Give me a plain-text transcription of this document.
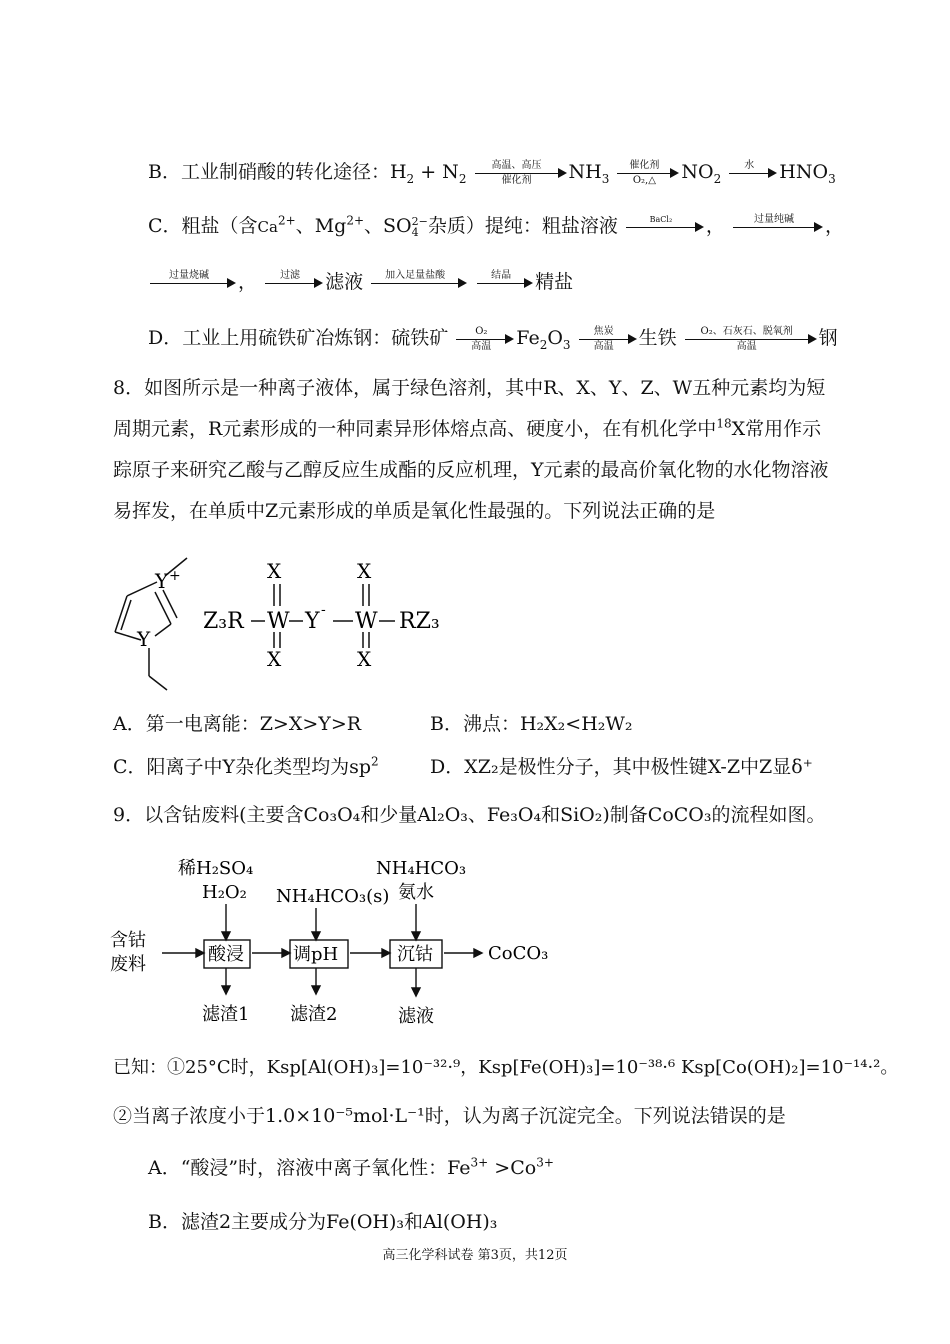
B．工业制硝酸的转化途径：$H_2 + N_2$
高温、高压
催化剂	$NH_3$
催化剂
O₂,△	$NO_2$
水	$HNO_3$
C．粗盐（含$Ca^{2+}$、$Mg^{2+}$、SO 2−
4 杂质）提纯：粗盐溶液	BaCl₂	，	过量纯碱	，
过量烧碱	，	过滤	滤液	加入足量盐酸
	结晶	精盐
D．工业上用硫铁矿冶炼钢：硫铁矿	O₂
高温	$Fe_2O_3$
焦炭
高温	生铁	O₂、石灰石、脱氧剂
高温	钢
8．如图所示是一种离子液体，属于绿色溶剂，其中R、X、Y、Z、W五种元素均为短周期元素，R元素形成的一种同素异形体熔点高、硬度小，在有机化学中$^{18}$X常用作示踪原子来研究乙酸与乙醇反应生成酯的反应机理，Y元素的最高价氧化物的水化物溶液易挥发，在单质中Z元素形成的单质是氧化性最强的。下列说法正确的是
Y +
Y
Z₃R W
X
X
Y - W
X
X
RZ₃
A．第一电离能：Z>X>Y>R	B．沸点：H₂X₂<H₂W₂
C．阳离子中Y杂化类型均为$sp^2$	D．XZ₂是极性分子，其中极性键X-Z中Z显δ⁺
9．以含钴废料(主要含Co₃O₄和少量Al₂O₃、Fe₃O₄和SiO₂)制备CoCO₃的流程如图。
稀H₂SO₄
H₂O₂ NH₄HCO₃(s)
NH₄HCO₃
氨水
含钴
废料	酸浸	调pH	沉钴	CoCO₃
滤渣1 滤渣2	滤液
已知：①25°C时，Ksp[Al(OH)₃]=10⁻³²·⁹，Ksp[Fe(OH)₃]=10⁻³⁸·⁶ Ksp[Co(OH)₂]=10⁻¹⁴·²。
②当离子浓度小于1.0×10⁻⁵mol·L⁻¹时，认为离子沉淀完全。下列说法错误的是
A．“酸浸”时，溶液中离子氧化性：$Fe^{3+} >Co^{3+}$
B．滤渣2主要成分为Fe(OH)₃和Al(OH)₃
高三化学科试卷 第3页，共12页
